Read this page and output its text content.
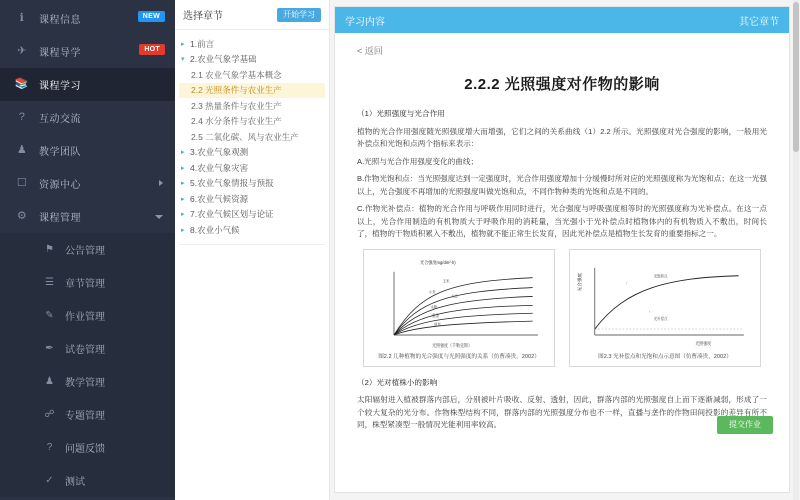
ℹ	课程信息	NEW
✈	课程导学	HOT
📚 课程学习
?	互动交流
♟ 教学团队
☐ 资源中心
⚙ 课程管理
⚑	公告管理
☰	章节管理
✎	作业管理
✒	试卷管理
♟	教学管理
☍ 专题管理
?	问题反馈
✓	测试
选择章节	开始学习
▸ 1.前言
▾ 2.农业气象学基础
2.1 农业气象学基本概念
2.2 光照条件与农业生产
2.3 热量条件与农业生产
2.4 水分条件与农业生产
2.5 二氧化碳、风与农业生产
▸ 3.农业气象观测
▸ 4.农业气象灾害
▸ 5.农业气象情报与预报
▸ 6.农业气候资源
▸ 7.农业气候区划与论证
▸ 8.农业小气候
学习内容	其它章节
< 返回
2.2.2 光照强度对作物的影响

（1）光照强度与光合作用

植物的光合作用强度随光照强度增大而增强，它们之间的关系曲线（1）2.2 所示。光照强度对光合强度的影响，一般用光补偿点和光饱和点两个指标来表示：

A.光照与光合作用强度变化的曲线；

B.作物光饱和点：当光照强度达到一定强度时，光合作用强度增加十分缓慢时所对应的光照强度称为光饱和点；在这一光强以上，光合强度不再增加的光照强度叫做光饱和点，不同作物种类的光饱和点是不同的。

C.作物光补偿点：植物的光合作用与呼吸作用同时进行，光合强度与呼吸强度相等时的光照强度称为光补偿点。在这一点以上，光合作用制造的有机物质大于呼吸作用的消耗量，当光强小于光补偿点时植物体内的有机物质入不敷出，时间长了，植物的干物质积累入不敷出，植物就不能正常生长发育，因此光补偿点是植物生长发育的重要指标之一。

光合强度mg/dm²·h)
玉米
小麦
大豆
水稻
甜菜
烟草
光照强度（千勒克斯）
图2.2 几种植物的光合强度与光照强度的关系（仿曹凑贵，2002）
光合强度	光饱和点
↑
↑
光补偿点
光照强度
图2.3 光补偿点和光饱和点示意图（仿曹凑贵，2002）

（2）光对植株小的影响

太阳辐射进入植被群落内部后，分别被叶片吸收、反射、透射，因此，群落内部的光照强度自上而下逐渐减弱，形成了一个较大复杂的光分布。作物株型结构不同，群落内部的光照强度分布也不一样，直播与垄作的作物田间投影的差异有所不同，株型紧凑型一般情况光能利用率较高。	提交作业
